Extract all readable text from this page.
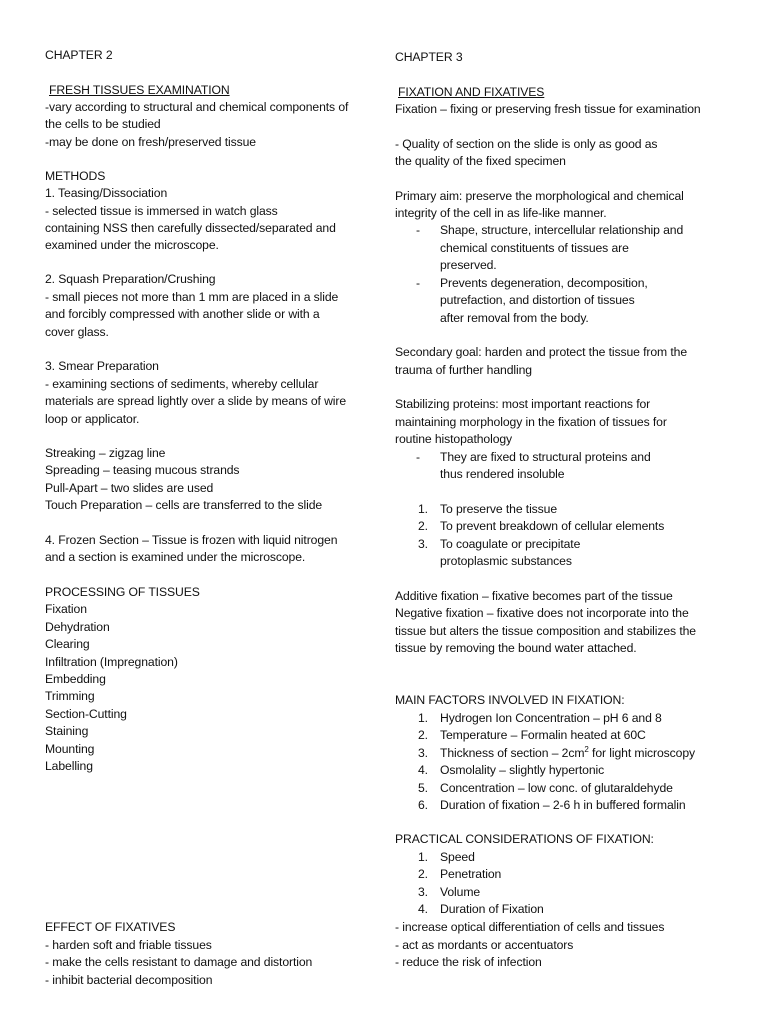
CHAPTER 2
FRESH TISSUES EXAMINATION
-vary according to structural and chemical components of
the cells to be studied
-may be done on fresh/preserved tissue
METHODS
1. Teasing/Dissociation
- selected tissue is immersed in watch glass
containing NSS then carefully dissected/separated and
examined under the microscope.
2. Squash Preparation/Crushing
- small pieces not more than 1 mm are placed in a slide
and forcibly compressed with another slide or with a
cover glass.
3. Smear Preparation
- examining sections of sediments, whereby cellular
materials are spread lightly over a slide by means of wire
loop or applicator.
Streaking – zigzag line
Spreading – teasing mucous strands
Pull-Apart – two slides are used
Touch Preparation – cells are transferred to the slide
4. Frozen Section – Tissue is frozen with liquid nitrogen
and a section is examined under the microscope.
PROCESSING OF TISSUES
Fixation
Dehydration
Clearing
Infiltration (Impregnation)
Embedding
Trimming
Section-Cutting
Staining
Mounting
Labelling
EFFECT OF FIXATIVES
- harden soft and friable tissues
- make the cells resistant to damage and distortion
- inhibit bacterial decomposition
CHAPTER 3
FIXATION AND FIXATIVES
Fixation – fixing or preserving fresh tissue for examination
- Quality of section on the slide is only as good as
the quality of the fixed specimen
Primary aim: preserve the morphological and chemical
integrity of the cell in as life-like manner.
- Shape, structure, intercellular relationship and
chemical constituents of tissues are
preserved.
- Prevents degeneration, decomposition,
putrefaction, and distortion of tissues
after removal from the body.
Secondary goal: harden and protect the tissue from the
trauma of further handling
Stabilizing proteins: most important reactions for
maintaining morphology in the fixation of tissues for
routine histopathology
- They are fixed to structural proteins and
thus rendered insoluble
1. To preserve the tissue
2. To prevent breakdown of cellular elements
3. To coagulate or precipitate
protoplasmic substances
Additive fixation – fixative becomes part of the tissue
Negative fixation – fixative does not incorporate into the
tissue but alters the tissue composition and stabilizes the
tissue by removing the bound water attached.
MAIN FACTORS INVOLVED IN FIXATION:
1. Hydrogen Ion Concentration – pH 6 and 8
2. Temperature – Formalin heated at 60C
3. Thickness of section – $2cm^2$ for light microscopy
4. Osmolality – slightly hypertonic
5. Concentration – low conc. of glutaraldehyde
6. Duration of fixation – 2-6 h in buffered formalin
PRACTICAL CONSIDERATIONS OF FIXATION:
1. Speed
2. Penetration
3. Volume
4. Duration of Fixation
- increase optical differentiation of cells and tissues
- act as mordants or accentuators
- reduce the risk of infection
